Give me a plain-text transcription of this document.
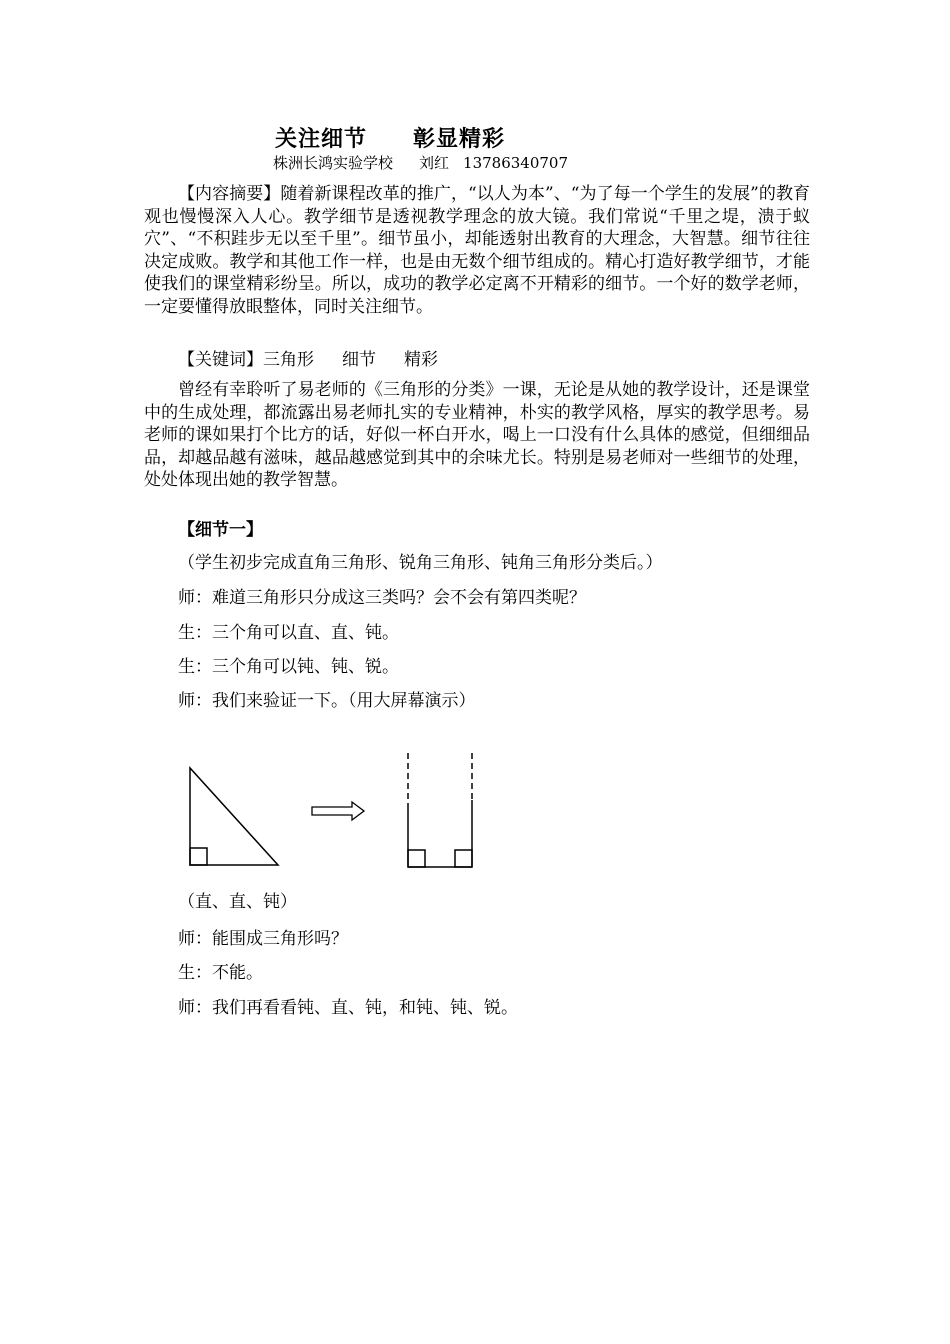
关注细节 彰显精彩
株洲长鸿实验学校 刘红 13786340707

【内容摘要】随着新课程改革的推广，“以人为本”、“为了每一个学生的发展”的教育观也慢慢深入人心。教学细节是透视教学理念的放大镜。我们常说“千里之堤，溃于蚁穴”、“不积跬步无以至千里”。细节虽小，却能透射出教育的大理念，大智慧。细节往往决定成败。教学和其他工作一样，也是由无数个细节组成的。精心打造好教学细节，才能使我们的课堂精彩纷呈。所以，成功的教学必定离不开精彩的细节。一个好的数学老师，一定要懂得放眼整体，同时关注细节。

【关键词】三角形 细节 精彩

曾经有幸聆听了易老师的《三角形的分类》一课，无论是从她的教学设计，还是课堂中的生成处理，都流露出易老师扎实的专业精神，朴实的教学风格，厚实的教学思考。易老师的课如果打个比方的话，好似一杯白开水，喝上一口没有什么具体的感觉，但细细品品，却越品越有滋味，越品越感觉到其中的余味尤长。特别是易老师对一些细节的处理，处处体现出她的教学智慧。

【细节一】
（学生初步完成直角三角形、锐角三角形、钝角三角形分类后。）
师：难道三角形只分成这三类吗？会不会有第四类呢？
生：三个角可以直、直、钝。
生：三个角可以钝、钝、锐。
师：我们来验证一下。（用大屏幕演示）
（直、直、钝）
师：能围成三角形吗？
生：不能。
师：我们再看看钝、直、钝，和钝、钝、锐。
